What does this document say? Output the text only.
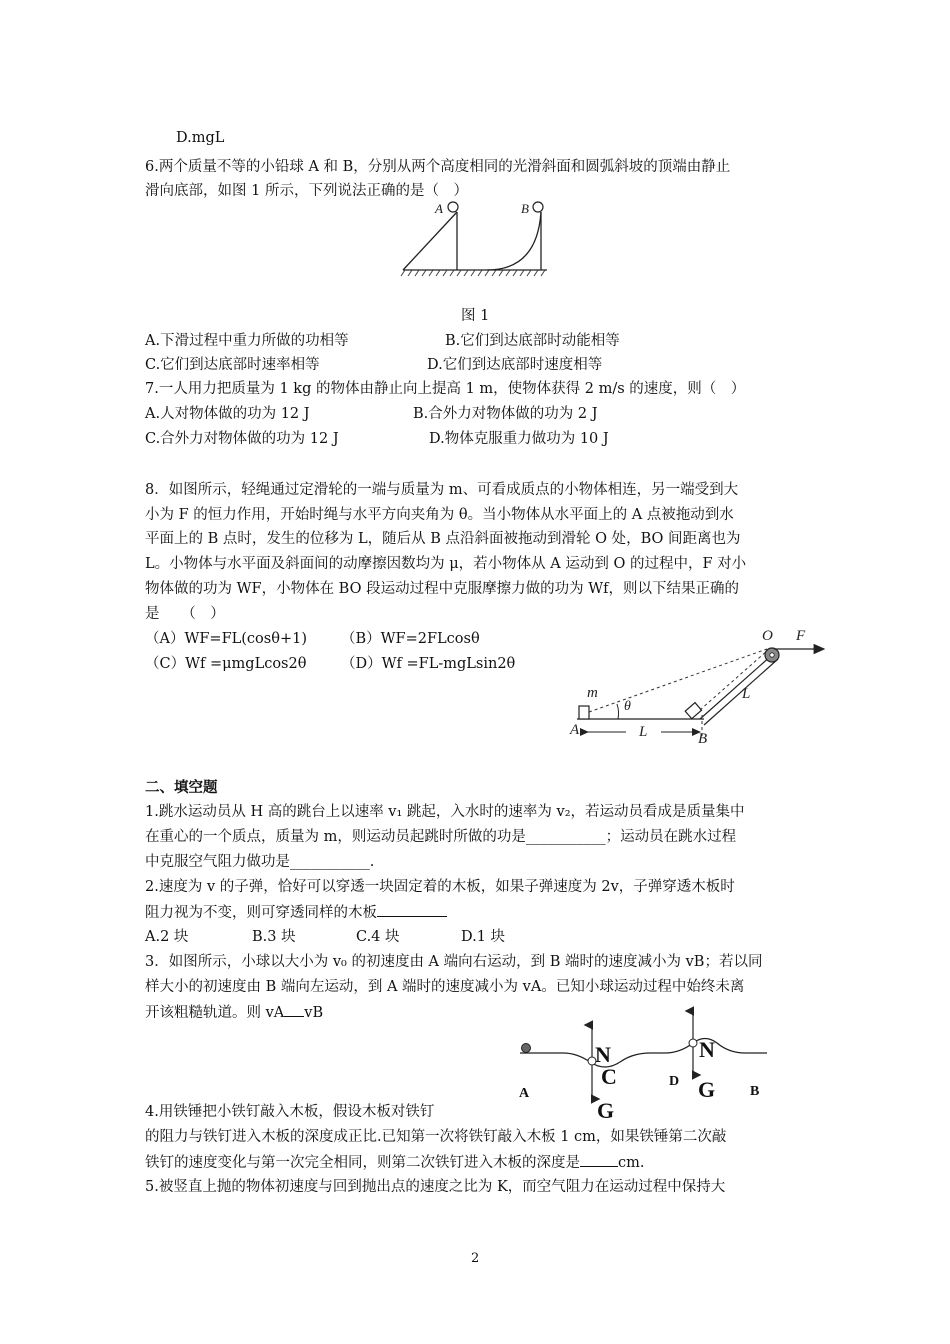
D.mgL
6.两个质量不等的小铅球 A 和 B，分别从两个高度相同的光滑斜面和圆弧斜坡的顶端由静止
滑向底部，如图 1 所示，下列说法正确的是（　）
A	B
图 1
A.下滑过程中重力所做的功相等	B.它们到达底部时动能相等
C.它们到达底部时速率相等	D.它们到达底部时速度相等
7.一人用力把质量为 1 kg 的物体由静止向上提高 1 m，使物体获得 2 m/s 的速度，则（　）
A.人对物体做的功为 12 J	B.合外力对物体做的功为 2 J
C.合外力对物体做的功为 12 J	D.物体克服重力做功为 10 J
8．如图所示，轻绳通过定滑轮的一端与质量为 m、可看成质点的小物体相连，另一端受到大
小为 F 的恒力作用，开始时绳与水平方向夹角为 θ。当小物体从水平面上的 A 点被拖动到水
平面上的 B 点时，发生的位移为 L，随后从 B 点沿斜面被拖动到滑轮 O 处，BO 间距离也为
L。小物体与水平面及斜面间的动摩擦因数均为 μ，若小物体从 A 运动到 O 的过程中，F 对小
物体做的功为 WF，小物体在 BO 段运动过程中克服摩擦力做的功为 Wf，则以下结果正确的
是　　（　）
（A）WF=FL(cosθ+1) （B）WF=2FLcosθ
（C）Wf =μmgLcos2θ （D）Wf =FL-mgLsin2θ
O F
m
θ
A	L	B
L
二、填空题
1.跳水运动员从 H 高的跳台上以速率 v₁ 跳起，入水时的速率为 v₂，若运动员看成是质量集中
在重心的一个质点，质量为 m，则运动员起跳时所做的功是___________；运动员在跳水过程
中克服空气阻力做功是___________.
2.速度为 v 的子弹，恰好可以穿透一块固定着的木板，如果子弹速度为 2v，子弹穿透木板时
阻力视为不变，则可穿透同样的木板
A.2 块	B.3 块	C.4 块	D.1 块
3．如图所示，小球以大小为 v₀ 的初速度由 A 端向右运动，到 B 端时的速度减小为 vB；若以同
样大小的初速度由 B 端向左运动，到 A 端时的速度减小为 vA。已知小球运动过程中始终未离
开该粗糙轨道。则 vA vB
A	B
C	D
N	N
G
G
4.用铁锤把小铁钉敲入木板，假设木板对铁钉
的阻力与铁钉进入木板的深度成正比.已知第一次将铁钉敲入木板 1 cm，如果铁锤第二次敲
铁钉的速度变化与第一次完全相同，则第二次铁钉进入木板的深度是	cm.
5.被竖直上抛的物体初速度与回到抛出点的速度之比为 K，而空气阻力在运动过程中保持大
2
